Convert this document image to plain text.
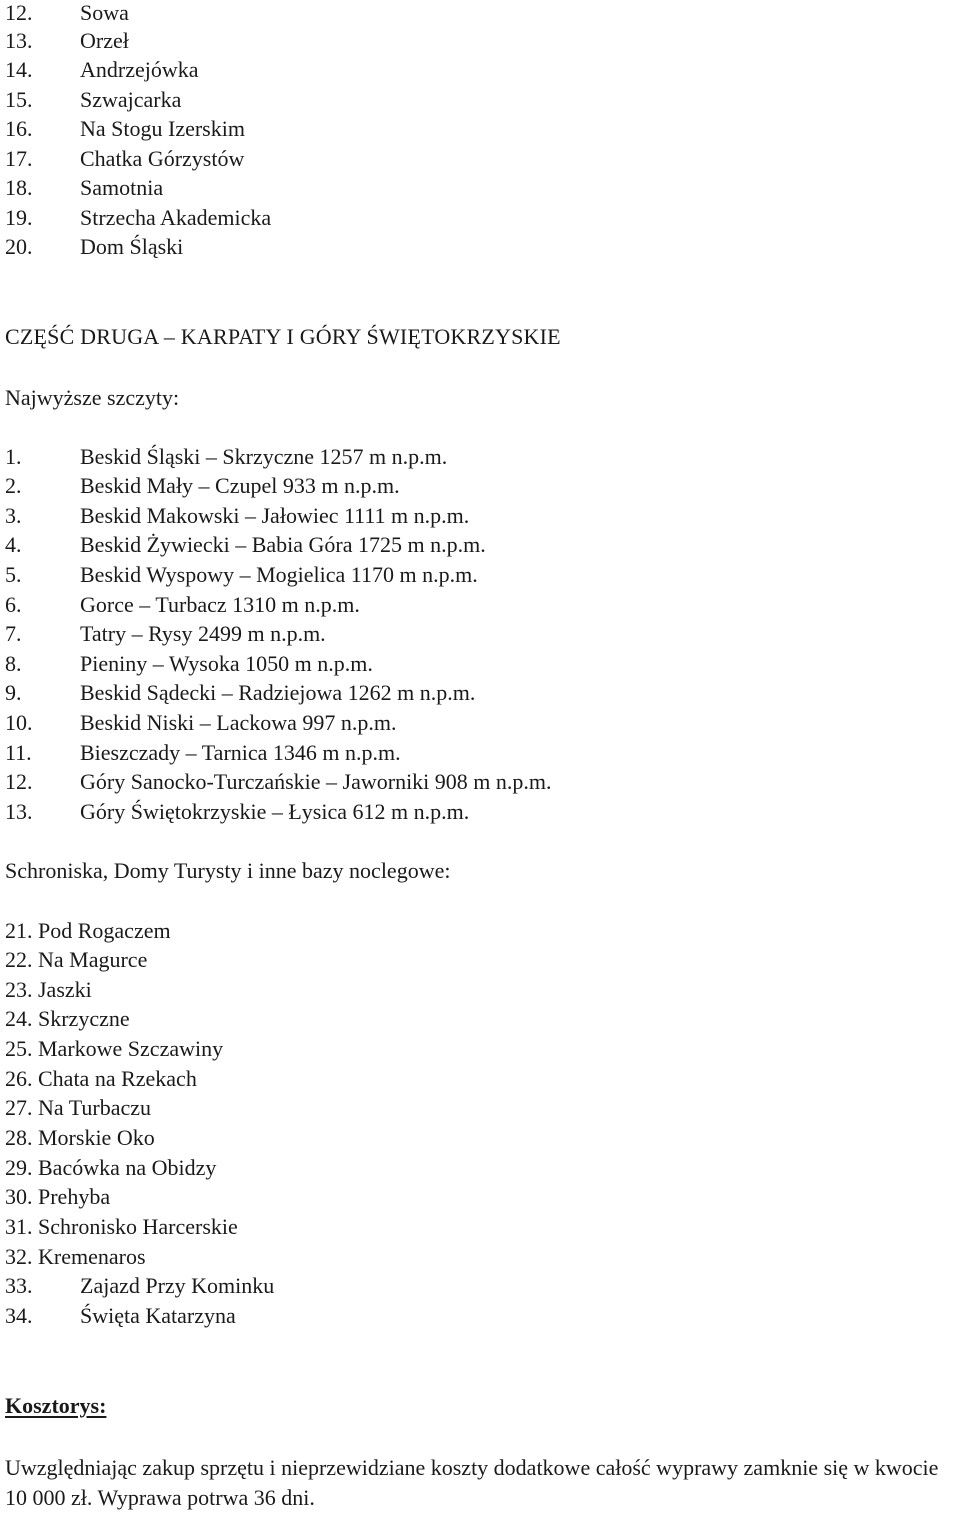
12. Sowa
13. Orzeł
14. Andrzejówka
15. Szwajcarka
16. Na Stogu Izerskim
17. Chatka Górzystów
18. Samotnia
19. Strzecha Akademicka
20. Dom Śląski
CZĘŚĆ DRUGA – KARPATY I GÓRY ŚWIĘTOKRZYSKIE
Najwyższe szczyty:
1.	Beskid Śląski – Skrzyczne 1257 m n.p.m.
2.	Beskid Mały – Czupel 933 m n.p.m.
3.	Beskid Makowski – Jałowiec 1111 m n.p.m.
4.	Beskid Żywiecki – Babia Góra 1725 m n.p.m.
5.	Beskid Wyspowy – Mogielica 1170 m n.p.m.
6.	Gorce – Turbacz 1310 m n.p.m.
7.	Tatry – Rysy 2499 m n.p.m.
8.	Pieniny – Wysoka 1050 m n.p.m.
9.	Beskid Sądecki – Radziejowa 1262 m n.p.m.
10. Beskid Niski – Lackowa 997 n.p.m.
11. Bieszczady – Tarnica 1346 m n.p.m.
12. Góry Sanocko-Turczańskie – Jaworniki 908 m n.p.m.
13. Góry Świętokrzyskie – Łysica 612 m n.p.m.
Schroniska, Domy Turysty i inne bazy noclegowe:
21. Pod Rogaczem
22. Na Magurce
23. Jaszki
24. Skrzyczne
25. Markowe Szczawiny
26. Chata na Rzekach
27. Na Turbaczu
28. Morskie Oko
29. Bacówka na Obidzy
30. Prehyba
31. Schronisko Harcerskie
32. Kremenaros
33. Zajazd Przy Kominku
34. Święta Katarzyna
Kosztorys:
Uwzględniając zakup sprzętu i nieprzewidziane koszty dodatkowe całość wyprawy zamknie się w kwocie 10 000 zł. Wyprawa potrwa 36 dni.
